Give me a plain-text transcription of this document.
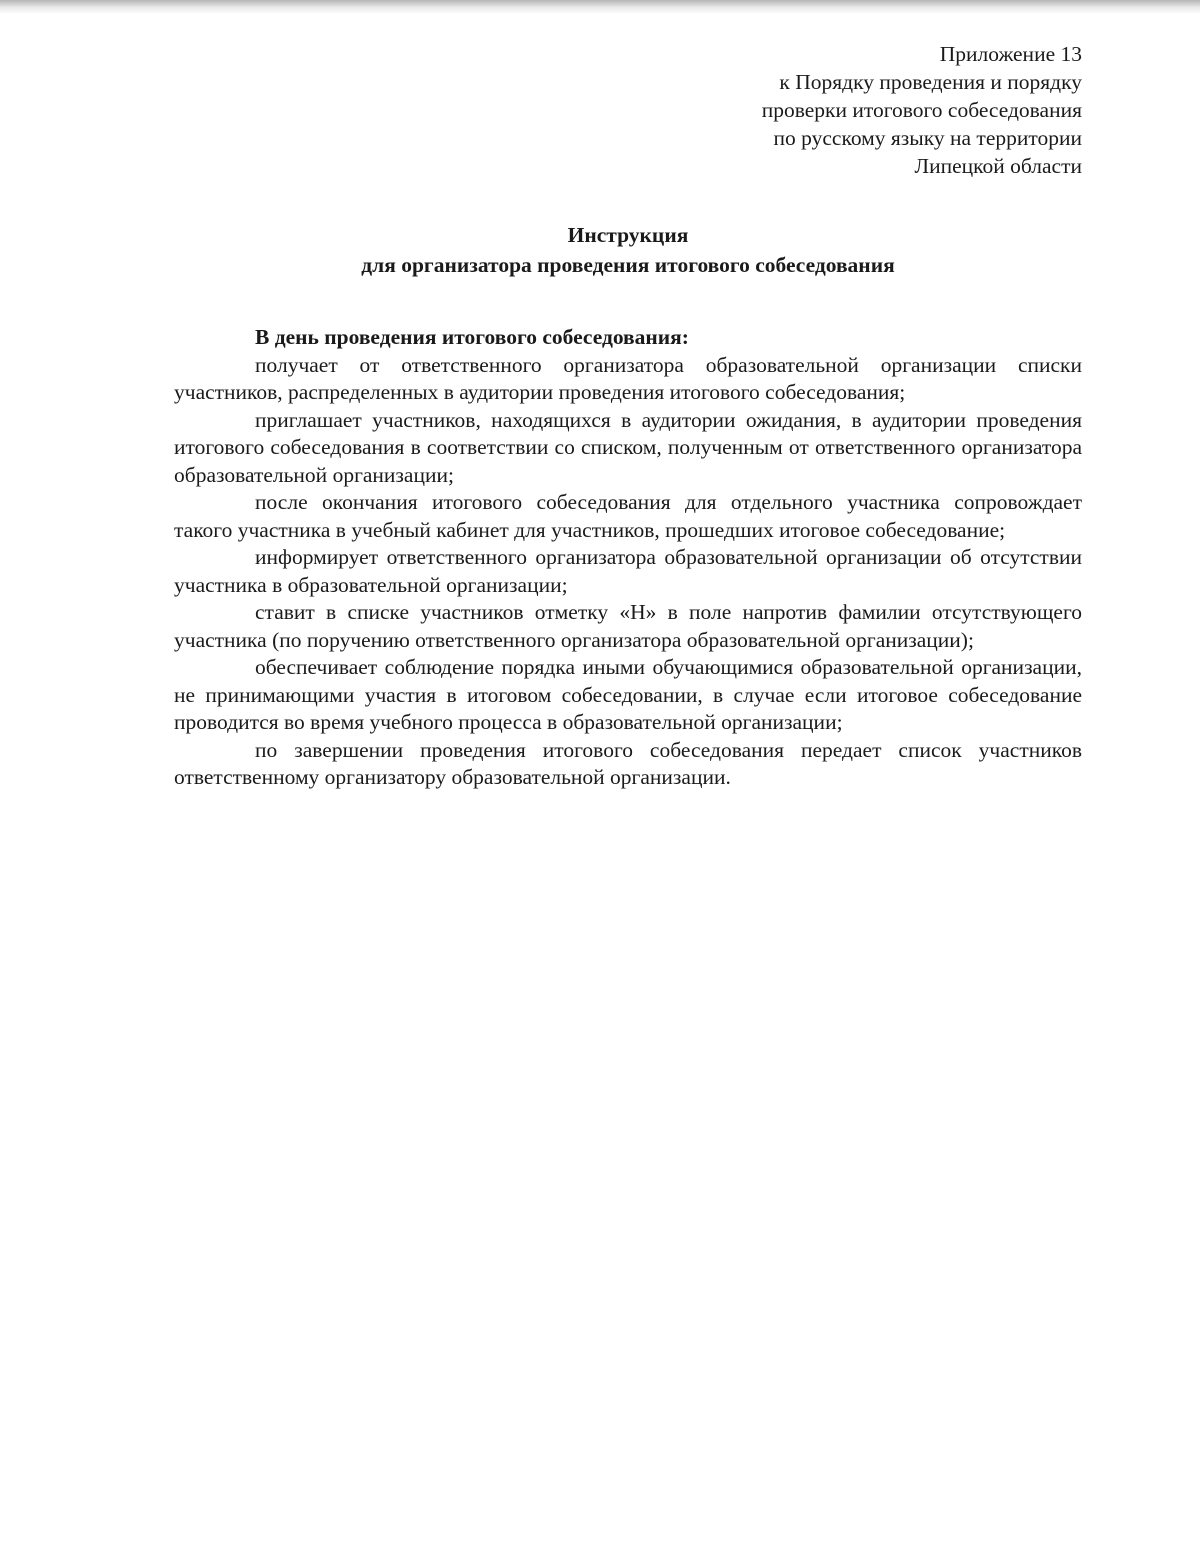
Приложение 13
к Порядку проведения и порядку
проверки итогового собеседования
по русскому языку на территории
Липецкой области
Инструкция
для организатора проведения итогового собеседования

В день проведения итогового собеседования:

получает от ответственного организатора образовательной организации списки участников, распределенных в аудитории проведения итогового собеседования;

приглашает участников, находящихся в аудитории ожидания, в аудитории проведения итогового собеседования в соответствии со списком, полученным от ответственного организатора образовательной организации;

после окончания итогового собеседования для отдельного участника сопровождает такого участника в учебный кабинет для участников, прошедших итоговое собеседование;

информирует ответственного организатора образовательной организации об отсутствии участника в образовательной организации;

ставит в списке участников отметку «Н» в поле напротив фамилии отсутствующего участника (по поручению ответственного организатора образовательной организации);

обеспечивает соблюдение порядка иными обучающимися образовательной организации, не принимающими участия в итоговом собеседовании, в случае если итоговое собеседование проводится во время учебного процесса в образовательной организации;

по завершении проведения итогового собеседования передает список участников ответственному организатору образовательной организации.
